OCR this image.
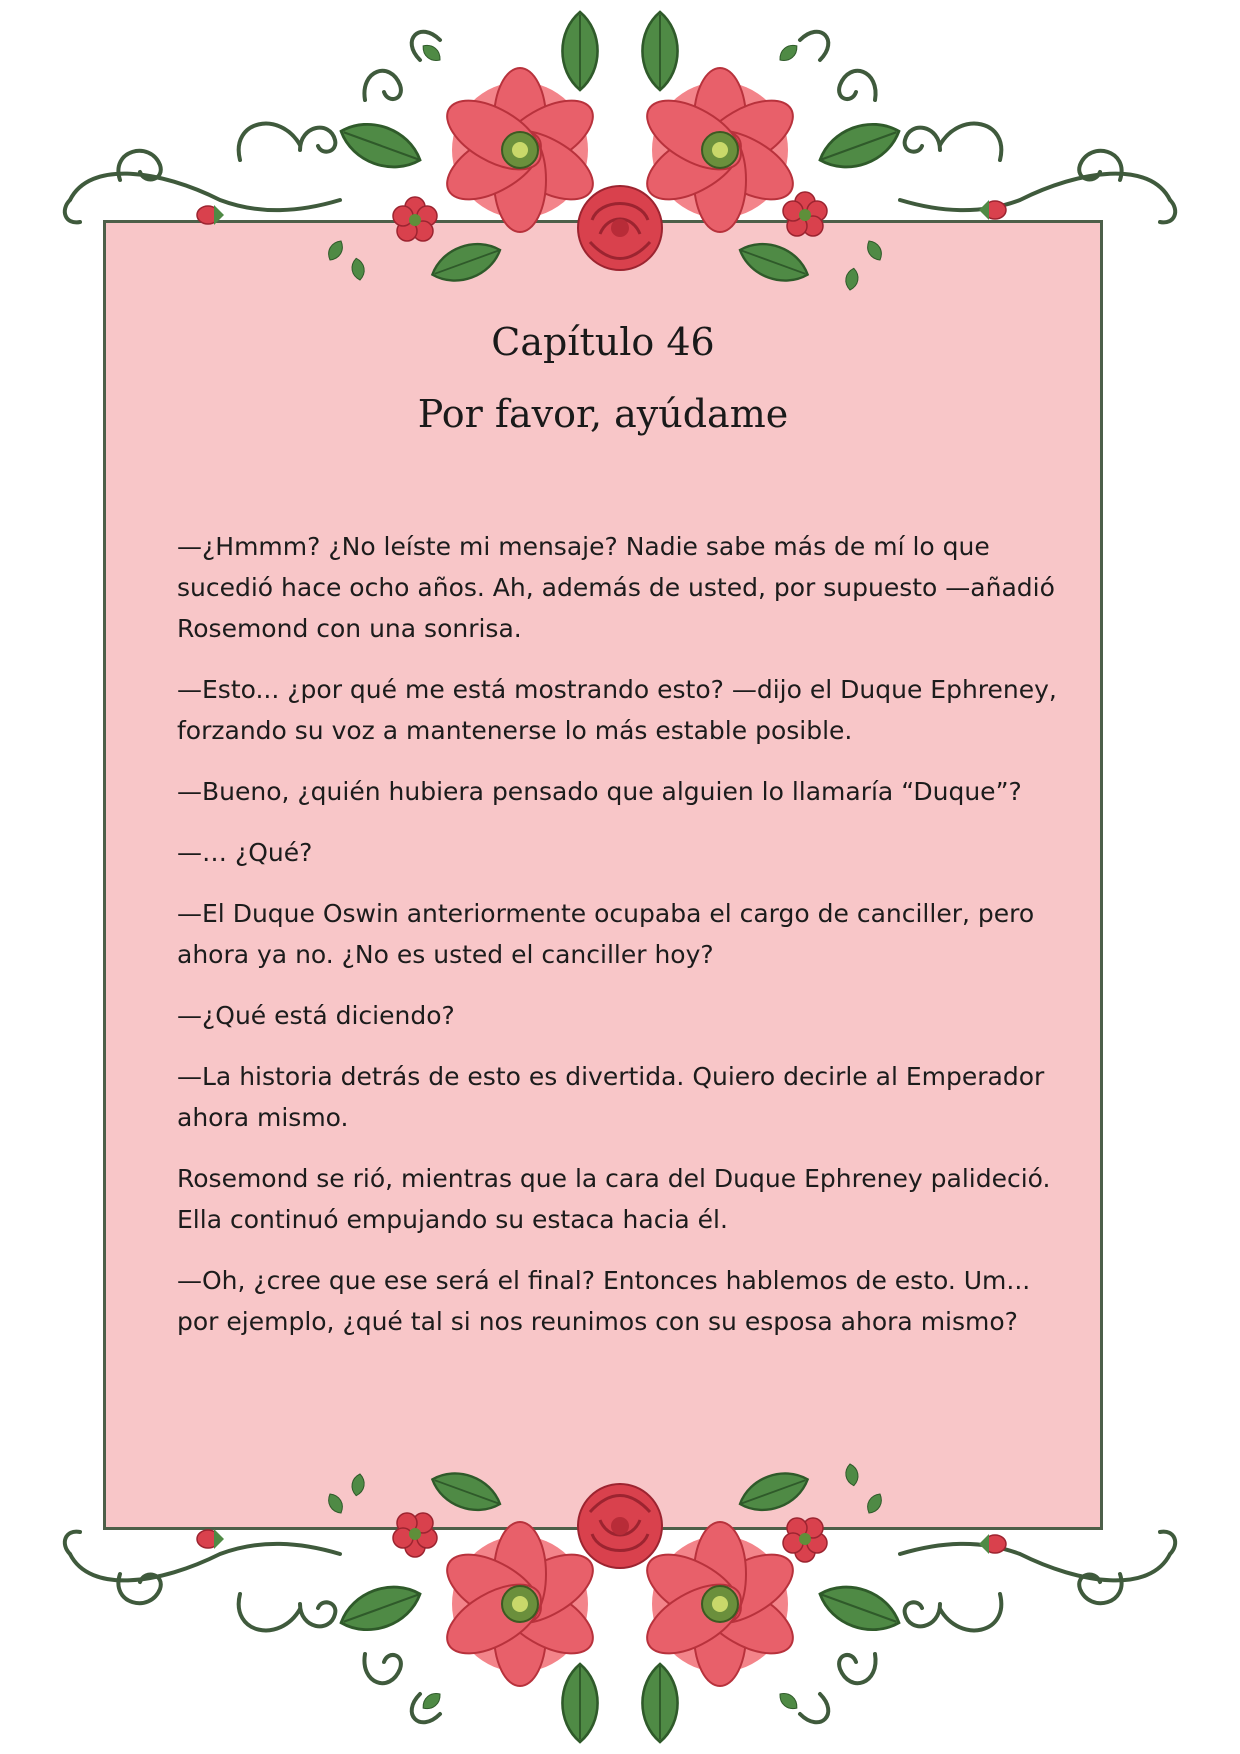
Capítulo 46

Por favor, ayúdame

—¿Hmmm? ¿No leíste mi mensaje? Nadie sabe más de mí lo que sucedió hace ocho años. Ah, además de usted, por supuesto —añadió Rosemond con una sonrisa.

—Esto... ¿por qué me está mostrando esto? —dijo el Duque Ephreney, forzando su voz a mantenerse lo más estable posible.

—Bueno, ¿quién hubiera pensado que alguien lo llamaría “Duque”?

—… ¿Qué?

—El Duque Oswin anteriormente ocupaba el cargo de canciller, pero ahora ya no. ¿No es usted el canciller hoy?

—¿Qué está diciendo?

—La historia detrás de esto es divertida. Quiero decirle al Emperador ahora mismo.

Rosemond se rió, mientras que la cara del Duque Ephreney palideció. Ella continuó empujando su estaca hacia él.

—Oh, ¿cree que ese será el final? Entonces hablemos de esto. Um... por ejemplo, ¿qué tal si nos reunimos con su esposa ahora mismo?
